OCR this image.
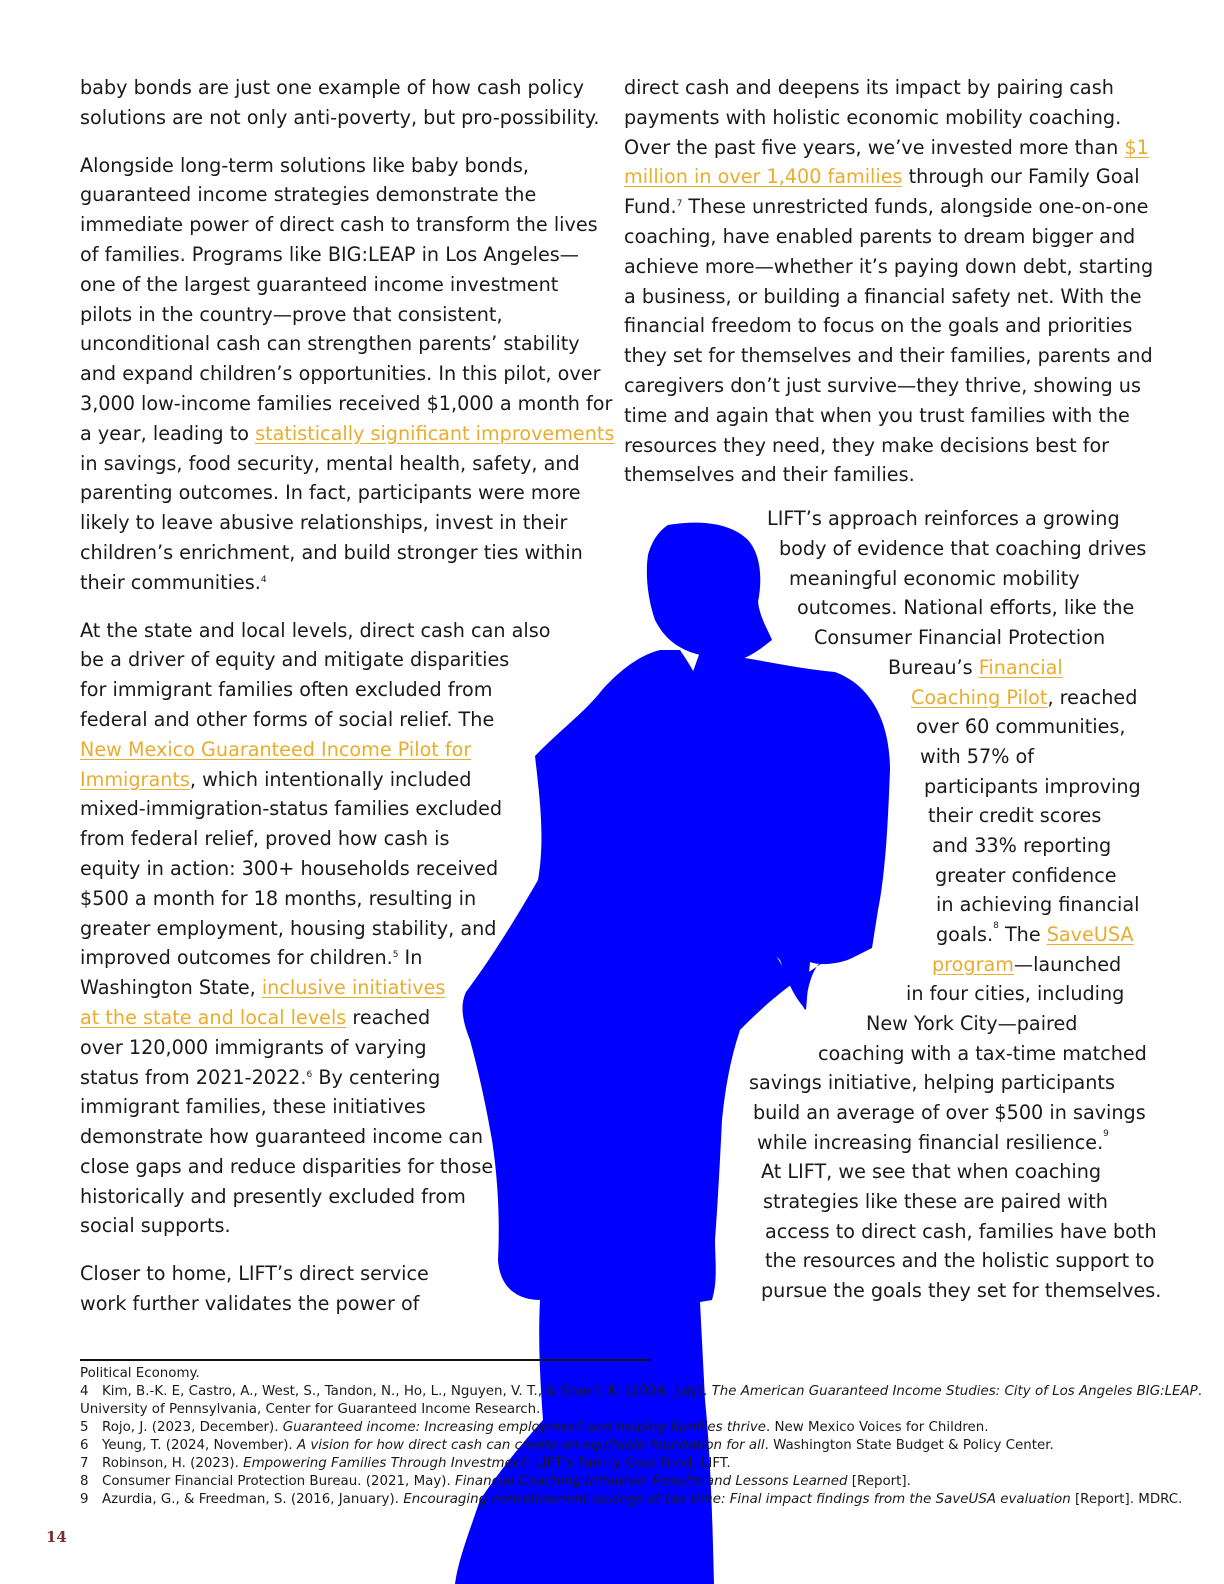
baby bonds are just one example of how cash policy
solutions are not only anti-poverty, but pro-possibility.

Alongside long-term solutions like baby bonds,
guaranteed income strategies demonstrate the
immediate power of direct cash to transform the lives
of families. Programs like BIG:LEAP in Los Angeles—
one of the largest guaranteed income investment
pilots in the country—prove that consistent,
unconditional cash can strengthen parents’ stability
and expand children’s opportunities. In this pilot, over
3,000 low-income families received $1,000 a month for
a year, leading to statistically significant improvements
in savings, food security, mental health, safety, and
parenting outcomes. In fact, participants were more
likely to leave abusive relationships, invest in their
children’s enrichment, and build stronger ties within
their communities.$^4$

At the state and local levels, direct cash can also
be a driver of equity and mitigate disparities
for immigrant families often excluded from
federal and other forms of social relief. The
New Mexico Guaranteed Income Pilot for
Immigrants, which intentionally included
mixed-immigration-status families excluded
from federal relief, proved how cash is
equity in action: 300+ households received
$500 a month for 18 months, resulting in
greater employment, housing stability, and
improved outcomes for children.$^5$ In
Washington State, inclusive initiatives
at the state and local levels reached
over 120,000 immigrants of varying
status from 2021-2022.$^6$ By centering
immigrant families, these initiatives
demonstrate how guaranteed income can
close gaps and reduce disparities for those
historically and presently excluded from
social supports.

Closer to home, LIFT’s direct service
work further validates the power of

direct cash and deepens its impact by pairing cash
payments with holistic economic mobility coaching.
Over the past five years, we’ve invested more than $1
million in over 1,400 families through our Family Goal
Fund.$^7$ These unrestricted funds, alongside one-on-one
coaching, have enabled parents to dream bigger and
achieve more—whether it’s paying down debt, starting
a business, or building a financial safety net. With the
financial freedom to focus on the goals and priorities
they set for themselves and their families, parents and
caregivers don’t just survive—they thrive, showing us
time and again that when you trust families with the
resources they need, they make decisions best for
themselves and their families.

LIFT’s approach reinforces a growing
body of evidence that coaching drives
meaningful economic mobility
outcomes. National efforts, like the
Consumer Financial Protection
Bureau’s Financial
Coaching Pilot, reached
over 60 communities,
with 57% of
participants improving
their credit scores
and 33% reporting
greater confidence
in achieving financial
goals.$^8$ The SaveUSA
program—launched
in four cities, including
New York City—paired
coaching with a tax-time matched
savings initiative, helping participants
build an average of over $500 in savings
while increasing financial resilience.$^9$
At LIFT, we see that when coaching
strategies like these are paired with
access to direct cash, families have both
the resources and the holistic support to
pursue the goals they set for themselves.
Political Economy.
4 Kim, B.-K. E, Castro, A., West, S., Tandon, N., Ho, L., Nguyen, V. T., & Sharif, K. (2024, July). The American Guaranteed Income Studies: City of Los Angeles BIG:LEAP.
University of Pennsylvania, Center for Guaranteed Income Research.
5 Rojo, J. (2023, December). Guaranteed income: Increasing employment and helping families thrive. New Mexico Voices for Children.
6 Yeung, T. (2024, November). A vision for how direct cash can create an equitable foundation for all. Washington State Budget & Policy Center.
7 Robinson, H. (2023). Empowering Families Through Investment: LIFT’s Family Goal Fund. LIFT.
8 Consumer Financial Protection Bureau. (2021, May). Financial Coaching Initiative: Results and Lessons Learned [Report].
9 Azurdia, G., & Freedman, S. (2016, January). Encouraging nonretirement savings at tax time: Final impact findings from the SaveUSA evaluation [Report]. MDRC.
14
